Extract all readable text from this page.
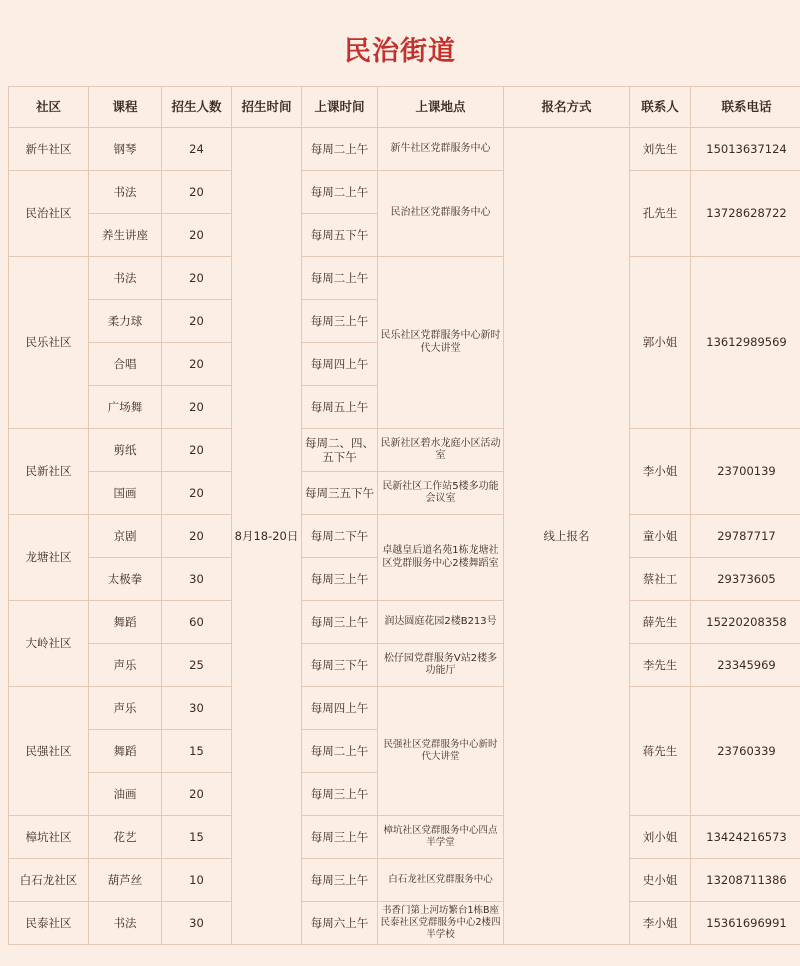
民治街道
社区	课程	招生人数	招生时间	上课时间	上课地点	报名方式	联系人	联系电话
新牛社区	钢琴	24	8月18-20日	每周二上午	新牛社区党群服务中心	线上报名	刘先生	15013637124
民治社区	书法	20		每周二上午	民治社区党群服务中心		孔先生	13728628722
	养生讲座	20		每周五下午				
民乐社区	书法	20		每周二上午	民乐社区党群服务中心新时代大讲堂		郭小姐	13612989569
	柔力球	20		每周三上午				
	合唱	20		每周四上午				
	广场舞	20		每周五上午				
民新社区	剪纸	20		每周二、四、五下午	民新社区碧水龙庭小区活动室		李小姐	23700139
	国画	20		每周三五下午	民新社区工作站5楼多功能会议室			
龙塘社区	京剧	20		每周二下午	卓越皇后道名苑1栋龙塘社区党群服务中心2楼舞蹈室		童小姐	29787717
	太极拳	30		每周三上午			蔡社工	29373605
大岭社区	舞蹈	60		每周三上午	润达圆庭花园2楼B213号		薛先生	15220208358
	声乐	25		每周三下午	松仔园党群服务V站2楼多功能厅		李先生	23345969
民强社区	声乐	30		每周四上午	民强社区党群服务中心新时代大讲堂		蒋先生	23760339
	舞蹈	15		每周二上午				
	油画	20		每周三上午				
樟坑社区	花艺	15		每周三上午	樟坑社区党群服务中心四点半学堂		刘小姐	13424216573
白石龙社区	葫芦丝	10		每周三上午	白石龙社区党群服务中心		史小姐	13208711386
民泰社区	书法	30		每周六上午	书香门第上河坊繁台1栋B座民泰社区党群服务中心2楼四半学校		李小姐	15361696991
